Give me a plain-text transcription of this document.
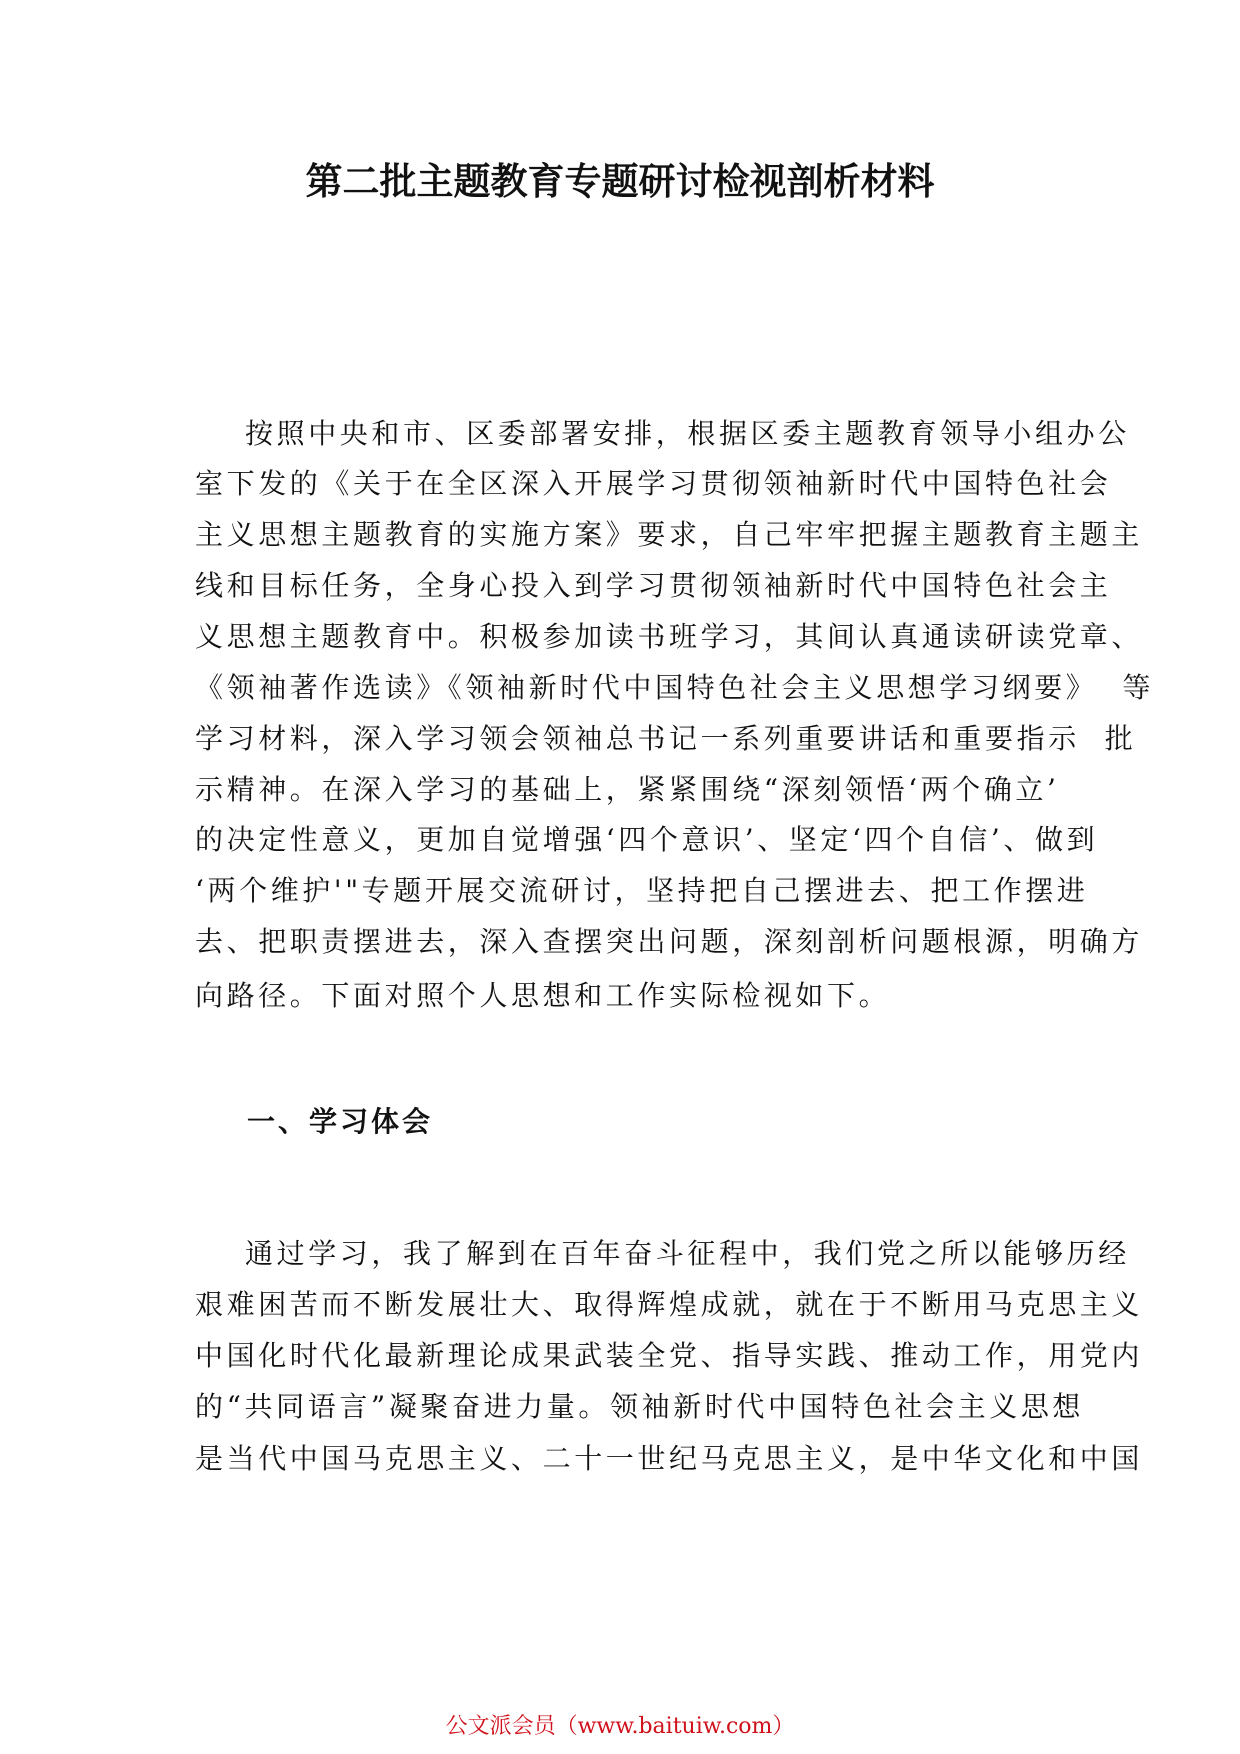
第二批主题教育专题研讨检视剖析材料
按照中央和市、区委部署安排，根据区委主题教育领导小组办公
室下发的《关于在全区深入开展学习贯彻领袖新时代中国特色社会
主义思想主题教育的实施方案》要求，自己牢牢把握主题教育主题主
线和目标任务，全身心投入到学习贯彻领袖新时代中国特色社会主
义思想主题教育中。积极参加读书班学习，其间认真通读研读党章、
《领袖著作选读》《领袖新时代中国特色社会主义思想学习纲要》  等
学习材料，深入学习领会领袖总书记一系列重要讲话和重要指示  批
示精神。在深入学习的基础上，紧紧围绕“深刻领悟‘两个确立’
的决定性意义，更加自觉增强‘四个意识’、坚定‘四个自信’、做到
‘两个维护'"专题开展交流研讨，坚持把自己摆进去、把工作摆进
去、把职责摆进去，深入查摆突出问题，深刻剖析问题根源，明确方
向路径。下面对照个人思想和工作实际检视如下。
一、学习体会
通过学习，我了解到在百年奋斗征程中，我们党之所以能够历经
艰难困苦而不断发展壮大、取得辉煌成就，就在于不断用马克思主义
中国化时代化最新理论成果武装全党、指导实践、推动工作，用党内
的“共同语言”凝聚奋进力量。领袖新时代中国特色社会主义思想
是当代中国马克思主义、二十一世纪马克思主义，是中华文化和中国
公文派会员（www.baituiw.com）
